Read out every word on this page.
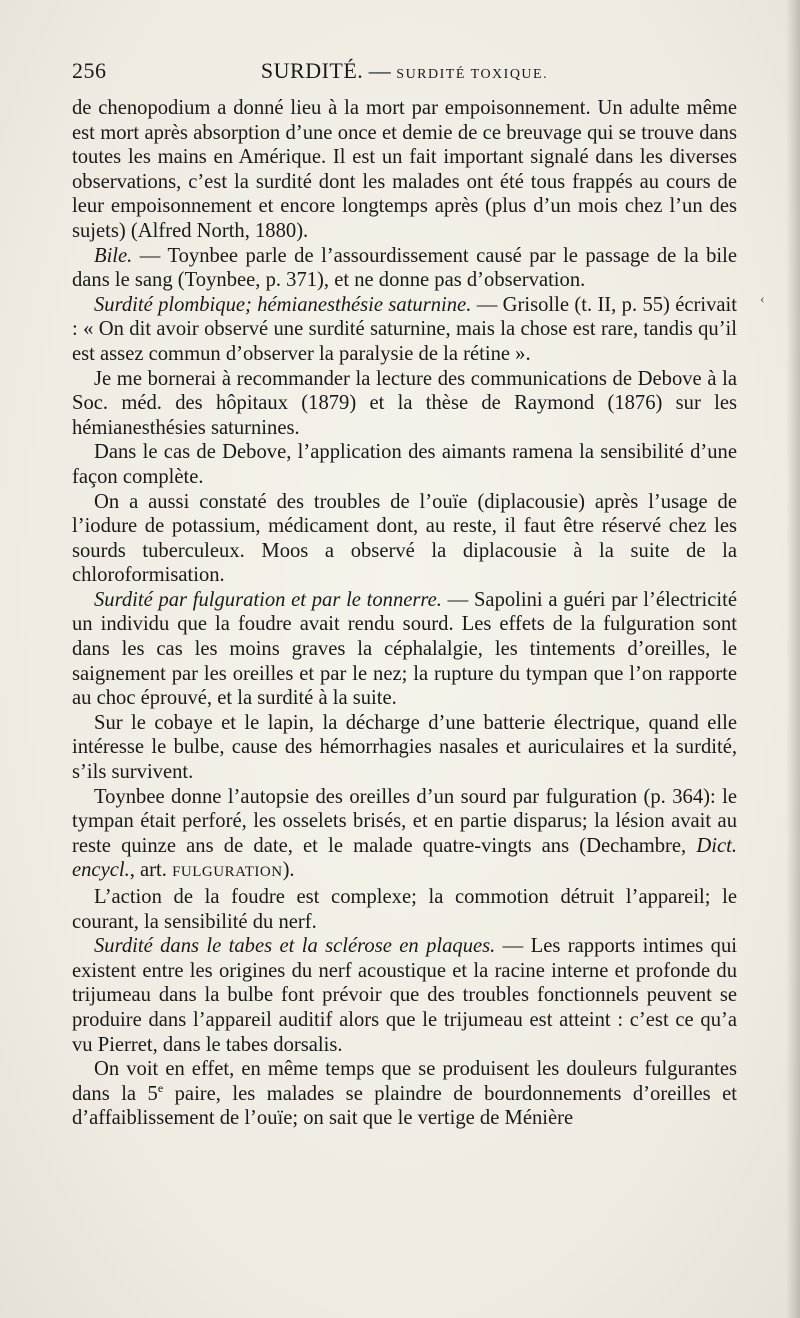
256	SURDITÉ. — SURDITÉ TOXIQUE.

de chenopodium a donné lieu à la mort par empoisonnement. Un adulte même est mort après absorption d’une once et demie de ce breuvage qui se trouve dans toutes les mains en Amérique. Il est un fait important signalé dans les diverses observations, c’est la surdité dont les malades ont été tous frappés au cours de leur empoisonnement et encore longtemps après (plus d’un mois chez l’un des sujets) (Alfred North, 1880).

Bile. — Toynbee parle de l’assourdissement causé par le passage de la bile dans le sang (Toynbee, p. 371), et ne donne pas d’observation.

Surdité plombique; hémianesthésie saturnine. — Grisolle (t. II, p. 55) écrivait : « On dit avoir observé une surdité saturnine, mais la chose est rare, tandis qu’il est assez commun d’observer la paralysie de la rétine ».

Je me bornerai à recommander la lecture des communications de Debove à la Soc. méd. des hôpitaux (1879) et la thèse de Raymond (1876) sur les hémianesthésies saturnines.

Dans le cas de Debove, l’application des aimants ramena la sensibilité d’une façon complète.

On a aussi constaté des troubles de l’ouïe (diplacousie) après l’usage de l’iodure de potassium, médicament dont, au reste, il faut être réservé chez les sourds tuberculeux. Moos a observé la diplacousie à la suite de la chloroformisation.

Surdité par fulguration et par le tonnerre. — Sapolini a guéri par l’électricité un individu que la foudre avait rendu sourd. Les effets de la fulguration sont dans les cas les moins graves la céphalalgie, les tintements d’oreilles, le saignement par les oreilles et par le nez; la rupture du tympan que l’on rapporte au choc éprouvé, et la surdité à la suite.

Sur le cobaye et le lapin, la décharge d’une batterie électrique, quand elle intéresse le bulbe, cause des hémorrhagies nasales et auriculaires et la surdité, s’ils survivent.

Toynbee donne l’autopsie des oreilles d’un sourd par fulguration (p. 364): le tympan était perforé, les osselets brisés, et en partie disparus; la lésion avait au reste quinze ans de date, et le malade quatre-vingts ans (Dechambre, Dict. encycl., art. FULGURATION).

L’action de la foudre est complexe; la commotion détruit l’appareil; le courant, la sensibilité du nerf.

Surdité dans le tabes et la sclérose en plaques. — Les rapports intimes qui existent entre les origines du nerf acoustique et la racine interne et profonde du trijumeau dans la bulbe font prévoir que des troubles fonctionnels peuvent se produire dans l’appareil auditif alors que le trijumeau est atteint : c’est ce qu’a vu Pierret, dans le tabes dorsalis.

On voit en effet, en même temps que se produisent les douleurs fulgurantes dans la 5e paire, les malades se plaindre de bourdonnements d’oreilles et d’affaiblissement de l’ouïe; on sait que le vertige de Ménière

‹
